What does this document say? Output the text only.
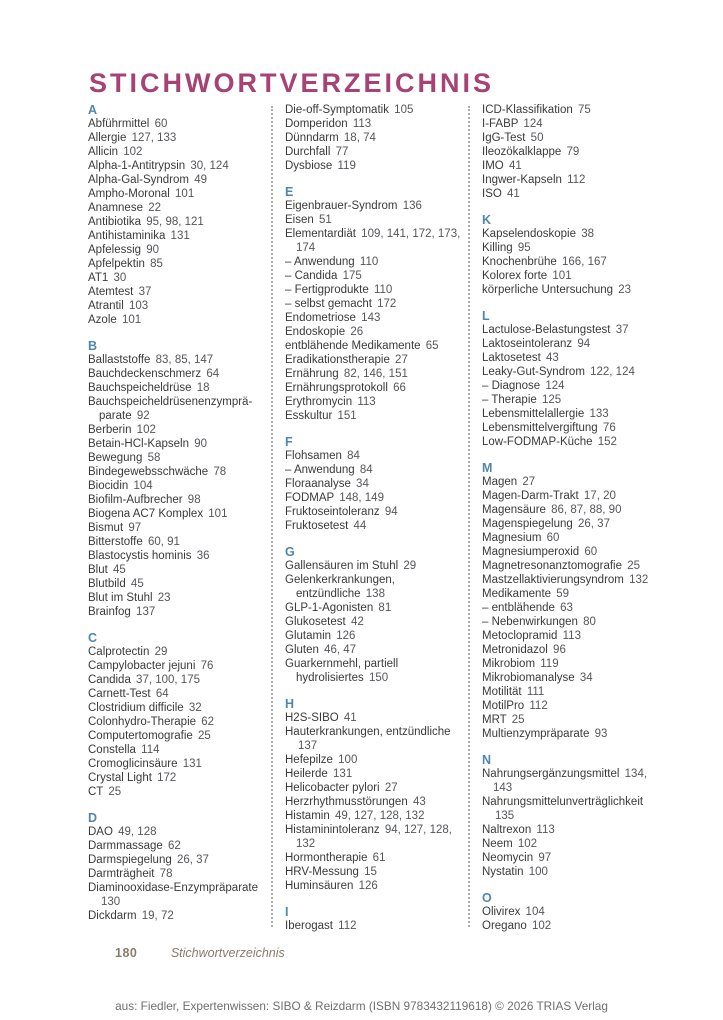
STICHWORTVERZEICHNIS
A
Abführmittel 60
Allergie 127, 133
Allicin 102
Alpha-1-Antitrypsin 30, 124
Alpha-Gal-Syndrom 49
Ampho-Moronal 101
Anamnese 22
Antibiotika 95, 98, 121
Antihistaminika 131
Apfelessig 90
Apfelpektin 85
AT1 30
Atemtest 37
Atrantil 103
Azole 101
B
Ballaststoffe 83, 85, 147
Bauchdeckenschmerz 64
Bauchspeicheldrüse 18
Bauchspeicheldrüsenenzympräparate 92
Berberin 102
Betain-HCl-Kapseln 90
Bewegung 58
Bindegewebsschwäche 78
Biocidin 104
Biofilm-Aufbrecher 98
Biogena AC7 Komplex 101
Bismut 97
Bitterstoffe 60, 91
Blastocystis hominis 36
Blut 45
Blutbild 45
Blut im Stuhl 23
Brainfog 137
C
Calprotectin 29
Campylobacter jejuni 76
Candida 37, 100, 175
Carnett-Test 64
Clostridium difficile 32
Colonhydro-Therapie 62
Computertomografie 25
Constella 114
Cromoglicinsäure 131
Crystal Light 172
CT 25
D
DAO 49, 128
Darmmassage 62
Darmspiegelung 26, 37
Darmträgheit 78
Diaminooxidase-Enzympräparate 130
Dickdarm 19, 72
Die-off-Symptomatik 105
Domperidon 113
Dünndarm 18, 74
Durchfall 77
Dysbiose 119
E
Eigenbrauer-Syndrom 136
Eisen 51
Elementardiät 109, 141, 172, 173, 174
– Anwendung 110
– Candida 175
– Fertigprodukte 110
– selbst gemacht 172
Endometriose 143
Endoskopie 26
entblähende Medikamente 65
Eradikationstherapie 27
Ernährung 82, 146, 151
Ernährungsprotokoll 66
Erythromycin 113
Esskultur 151
F
Flohsamen 84
– Anwendung 84
Floraanalyse 34
FODMAP 148, 149
Fruktoseintoleranz 94
Fruktosetest 44
G
Gallensäuren im Stuhl 29
Gelenkerkrankungen, entzündliche 138
GLP-1-Agonisten 81
Glukosetest 42
Glutamin 126
Gluten 46, 47
Guarkernmehl, partiell hydrolisiertes 150
H
H2S-SIBO 41
Hauterkrankungen, entzündliche 137
Hefepilze 100
Heilerde 131
Helicobacter pylori 27
Herzrhythmusstörungen 43
Histamin 49, 127, 128, 132
Histaminintoleranz 94, 127, 128, 132
Hormontherapie 61
HRV-Messung 15
Huminsäuren 126
I
Iberogast 112
ICD-Klassifikation 75
I-FABP 124
IgG-Test 50
Ileozökalklappe 79
IMO 41
Ingwer-Kapseln 112
ISO 41
K
Kapselendoskopie 38
Killing 95
Knochenbrühe 166, 167
Kolorex forte 101
körperliche Untersuchung 23
L
Lactulose-Belastungstest 37
Laktoseintoleranz 94
Laktosetest 43
Leaky-Gut-Syndrom 122, 124
– Diagnose 124
– Therapie 125
Lebensmittelallergie 133
Lebensmittelvergiftung 76
Low-FODMAP-Küche 152
M
Magen 27
Magen-Darm-Trakt 17, 20
Magensäure 86, 87, 88, 90
Magenspiegelung 26, 37
Magnesium 60
Magnesiumperoxid 60
Magnetresonanztomografie 25
Mastzellaktivierungsyndrom 132
Medikamente 59
– entblähende 63
– Nebenwirkungen 80
Metoclopramid 113
Metronidazol 96
Mikrobiom 119
Mikrobiomanalyse 34
Motilität 111
MotilPro 112
MRT 25
Multienzympräparate 93
N
Nahrungsergänzungsmittel 134, 143
Nahrungsmittelunverträglichkeit 135
Naltrexon 113
Neem 102
Neomycin 97
Nystatin 100
O
Olivirex 104
Oregano 102
180	Stichwortverzeichnis
aus: Fiedler, Expertenwissen: SIBO & Reizdarm (ISBN 9783432119618) © 2026 TRIAS Verlag
